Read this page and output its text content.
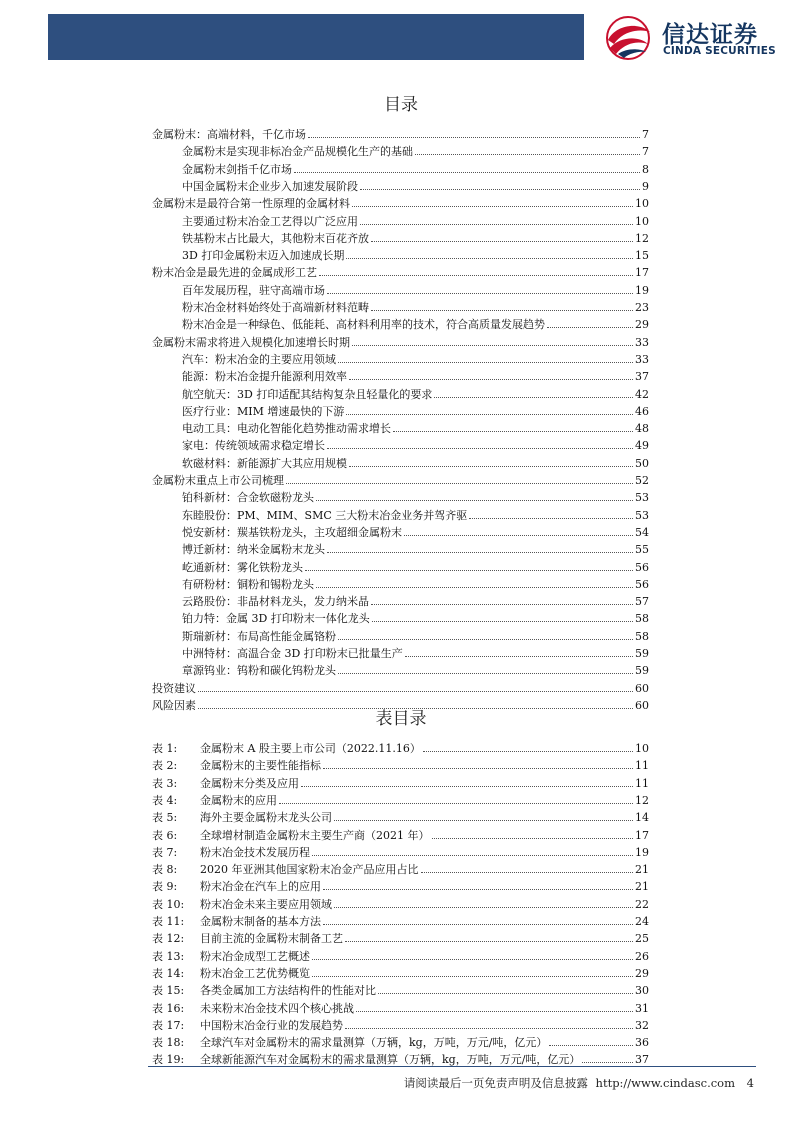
信达证券
CINDA SECURITIES
目录
金属粉末：高端材料，千亿市场	7
金属粉末是实现非标冶金产品规模化生产的基础	7
金属粉末剑指千亿市场	8
中国金属粉末企业步入加速发展阶段	9
金属粉末是最符合第一性原理的金属材料	10
主要通过粉末冶金工艺得以广泛应用	10
铁基粉末占比最大，其他粉末百花齐放	12
3D 打印金属粉末迈入加速成长期	15
粉末冶金是最先进的金属成形工艺	17
百年发展历程，驻守高端市场	19
粉末冶金材料始终处于高端新材料范畴	23
粉末冶金是一种绿色、低能耗、高材料利用率的技术，符合高质量发展趋势	29
金属粉末需求将进入规模化加速增长时期	33
汽车：粉末冶金的主要应用领域	33
能源：粉末冶金提升能源利用效率	37
航空航天：3D 打印适配其结构复杂且轻量化的要求	42
医疗行业：MIM 增速最快的下游	46
电动工具：电动化智能化趋势推动需求增长	48
家电：传统领域需求稳定增长	49
软磁材料：新能源扩大其应用规模	50
金属粉末重点上市公司梳理	52
铂科新材：合金软磁粉龙头	53
东睦股份：PM、MIM、SMC 三大粉末冶金业务并驾齐驱	53
悦安新材：羰基铁粉龙头，主攻超细金属粉末	54
博迁新材：纳米金属粉末龙头	55
屹通新材：雾化铁粉龙头	56
有研粉材：铜粉和锡粉龙头	56
云路股份：非晶材料龙头，发力纳米晶	57
铂力特：金属 3D 打印粉末一体化龙头	58
斯瑞新材：布局高性能金属铬粉	58
中洲特材：高温合金 3D 打印粉末已批量生产	59
章源钨业：钨粉和碳化钨粉龙头	59
投资建议	60
风险因素	60
表目录
表 1:	金属粉末 A 股主要上市公司（2022.11.16）	10
表 2:	金属粉末的主要性能指标	11
表 3:	金属粉末分类及应用	11
表 4:	金属粉末的应用	12
表 5:	海外主要金属粉末龙头公司	14
表 6:	全球增材制造金属粉末主要生产商（2021 年）	17
表 7:	粉末冶金技术发展历程	19
表 8:	2020 年亚洲其他国家粉末冶金产品应用占比	21
表 9:	粉末冶金在汽车上的应用	21
表 10:	粉末冶金未来主要应用领域	22
表 11:	金属粉末制备的基本方法	24
表 12:	目前主流的金属粉末制备工艺	25
表 13:	粉末冶金成型工艺概述	26
表 14:	粉末冶金工艺优势概览	29
表 15:	各类金属加工方法结构件的性能对比	30
表 16:	未来粉末冶金技术四个核心挑战	31
表 17:	中国粉末冶金行业的发展趋势	32
表 18:	全球汽车对金属粉末的需求量测算（万辆，kg，万吨，万元/吨，亿元）	36
表 19:	全球新能源汽车对金属粉末的需求量测算（万辆，kg，万吨，万元/吨，亿元）	37
请阅读最后一页免责声明及信息披露 http://www.cindasc.com 4
